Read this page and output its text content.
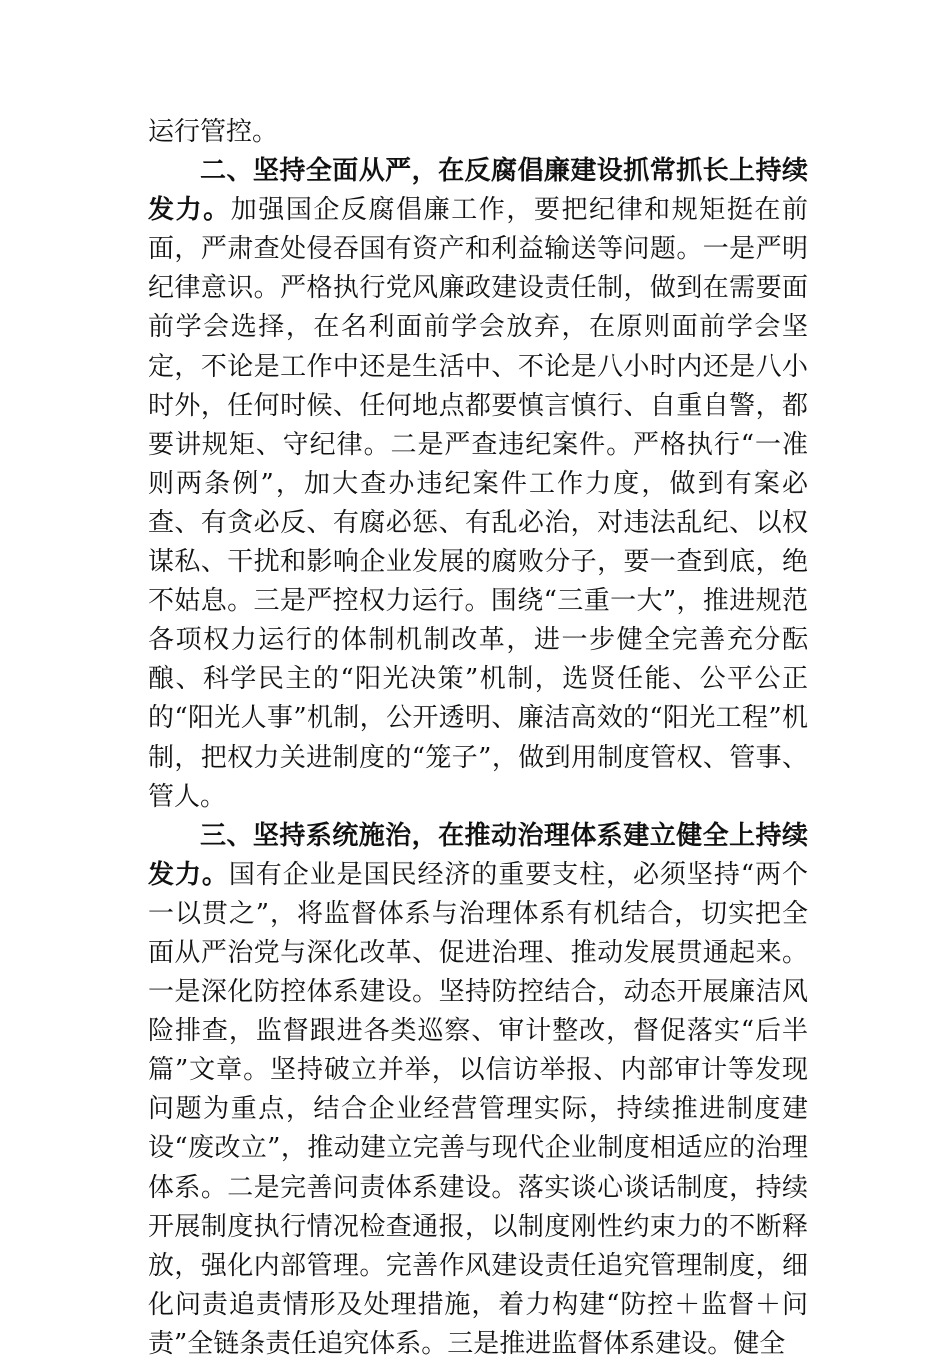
运行管控。

二、坚持全面从严，在反腐倡廉建设抓常抓长上持续发力。加强国企反腐倡廉工作，要把纪律和规矩挺在前面，严肃查处侵吞国有资产和利益输送等问题。一是严明纪律意识。严格执行党风廉政建设责任制，做到在需要面前学会选择，在名利面前学会放弃，在原则面前学会坚定，不论是工作中还是生活中、不论是八小时内还是八小时外，任何时候、任何地点都要慎言慎行、自重自警，都要讲规矩、守纪律。二是严查违纪案件。严格执行“一准则两条例”，加大查办违纪案件工作力度，做到有案必查、有贪必反、有腐必惩、有乱必治，对违法乱纪、以权谋私、干扰和影响企业发展的腐败分子，要一查到底，绝不姑息。三是严控权力运行。围绕“三重一大”，推进规范各项权力运行的体制机制改革，进一步健全完善充分酝酿、科学民主的“阳光决策”机制，选贤任能、公平公正的“阳光人事”机制，公开透明、廉洁高效的“阳光工程”机制，把权力关进制度的“笼子”，做到用制度管权、管事、管人。

三、坚持系统施治，在推动治理体系建立健全上持续发力。国有企业是国民经济的重要支柱，必须坚持“两个一以贯之”，将监督体系与治理体系有机结合，切实把全面从严治党与深化改革、促进治理、推动发展贯通起来。一是深化防控体系建设。坚持防控结合，动态开展廉洁风险排查，监督跟进各类巡察、审计整改，督促落实“后半篇”文章。坚持破立并举，以信访举报、内部审计等发现问题为重点，结合企业经营管理实际，持续推进制度建设“废改立”，推动建立完善与现代企业制度相适应的治理体系。二是完善问责体系建设。落实谈心谈话制度，持续开展制度执行情况检查通报，以制度刚性约束力的不断释放，强化内部管理。完善作风建设责任追究管理制度，细化问责追责情形及处理措施，着力构建“防控＋监督＋问责”全链条责任追究体系。三是推进监督体系建设。健全
